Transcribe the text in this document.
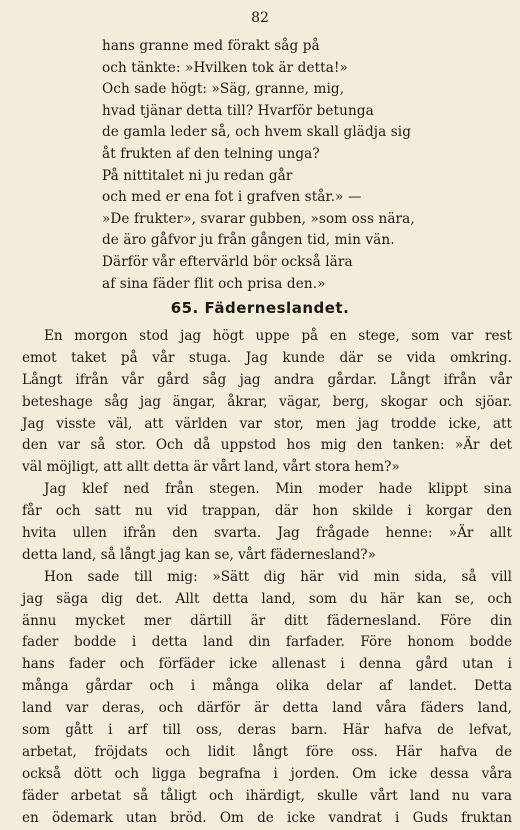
82
hans granne med förakt såg på
och tänkte: »Hvilken tok är detta!»
Och sade högt: »Säg, granne, mig,
hvad tjänar detta till? Hvarför betunga
de gamla leder så, och hvem skall glädja sig
åt frukten af den telning unga?
På nittitalet ni ju redan går
och med er ena fot i grafven står.» —
»De frukter», svarar gubben, »som oss nära,
de äro gåfvor ju från gången tid, min vän.
Därför vår eftervärld bör också lära
af sina fäder flit och prisa den.»
65. Fäderneslandet.
En morgon stod jag högt uppe på en stege, som var rest
emot taket på vår stuga. Jag kunde där se vida omkring.
Långt ifrån vår gård såg jag andra gårdar. Långt ifrån vår
beteshage såg jag ängar, åkrar, vägar, berg, skogar och sjöar.
Jag visste väl, att världen var stor, men jag trodde icke, att
den var så stor. Och då uppstod hos mig den tanken: »Är det
väl möjligt, att allt detta är vårt land, vårt stora hem?»
Jag klef ned från stegen. Min moder hade klippt sina
får och satt nu vid trappan, där hon skilde i korgar den
hvita ullen ifrån den svarta. Jag frågade henne: »Är allt
detta land, så långt jag kan se, vårt fädernesland?»
Hon sade till mig: »Sätt dig här vid min sida, så vill
jag säga dig det. Allt detta land, som du här kan se, och
ännu mycket mer därtill är ditt fädernesland. Före din
fader bodde i detta land din farfader. Före honom bodde
hans fader och förfäder icke allenast i denna gård utan i
många gårdar och i många olika delar af landet. Detta
land var deras, och därför är detta land våra fäders land,
som gått i arf till oss, deras barn. Här hafva de lefvat,
arbetat, fröjdats och lidit långt före oss. Här hafva de
också dött och ligga begrafna i jorden. Om icke dessa våra
fäder arbetat så tåligt och ihärdigt, skulle vårt land nu vara
en ödemark utan bröd. Om de icke vandrat i Guds fruktan
